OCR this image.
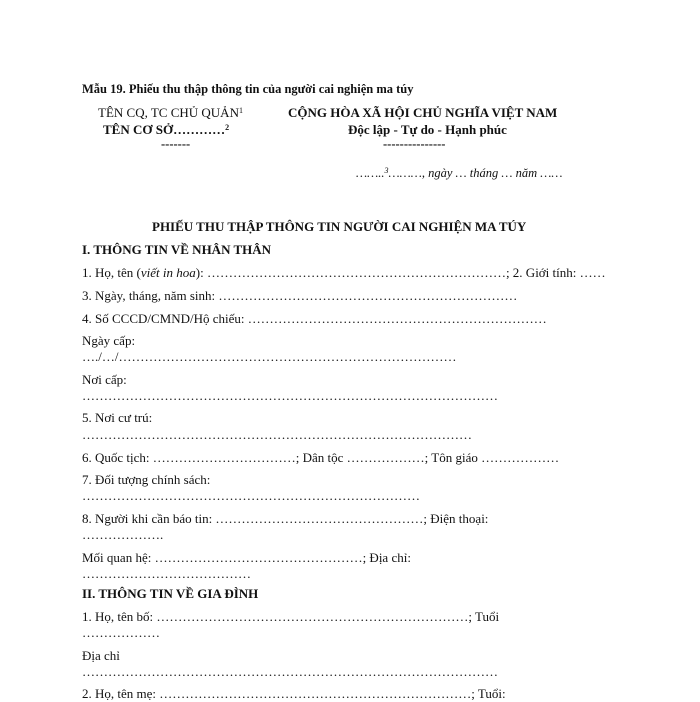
Mẫu 19. Phiếu thu thập thông tin của người cai nghiện ma túy
TÊN CQ, TC CHỦ QUẢN$^1$
TÊN CƠ SỞ…………$^2$
-------
CỘNG HÒA XÃ HỘI CHỦ NGHĨA VIỆT NAM
Độc lập - Tự do - Hạnh phúc
---------------
……..$^3$………, ngày … tháng … năm ……
PHIẾU THU THẬP THÔNG TIN NGƯỜI CAI NGHIỆN MA TÚY
I. THÔNG TIN VỀ NHÂN THÂN
1. Họ, tên (viết in hoa): ……………………………………………………………; 2. Giới tính: ……
3. Ngày, tháng, năm sinh: ……………………………………………………………
4. Số CCCD/CMND/Hộ chiếu: ……………………………………………………………
Ngày cấp:
…./…/……………………………………………………………………
Nơi cấp:
……………………………………………………………………………………
5. Nơi cư trú:
………………………………………………………………………………
6. Quốc tịch: ……………………………; Dân tộc ………………; Tôn giáo ………………
7. Đối tượng chính sách:
……………………………………………………………………
8. Người khi cần báo tin: …………………………………………; Điện thoại:
……………….
Mối quan hệ: …………………………………………; Địa chỉ:
…………………………………
II. THÔNG TIN VỀ GIA ĐÌNH
1. Họ, tên bố: ………………………………………………………………; Tuổi
………………
Địa chỉ
……………………………………………………………………………………
2. Họ, tên mẹ: ………………………………………………………………; Tuổi:
